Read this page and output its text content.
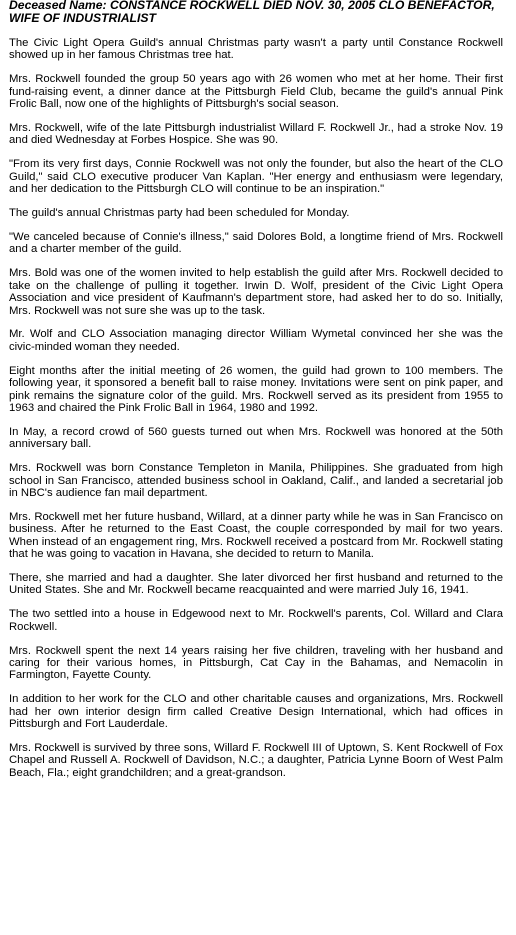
Deceased Name: CONSTANCE ROCKWELL DIED NOV. 30, 2005 CLO BENEFACTOR, WIFE OF INDUSTRIALIST

The Civic Light Opera Guild's annual Christmas party wasn't a party until Constance Rockwell showed up in her famous Christmas tree hat.

Mrs. Rockwell founded the group 50 years ago with 26 women who met at her home. Their first fund-raising event, a dinner dance at the Pittsburgh Field Club, became the guild's annual Pink Frolic Ball, now one of the highlights of Pittsburgh's social season.

Mrs. Rockwell, wife of the late Pittsburgh industrialist Willard F. Rockwell Jr., had a stroke Nov. 19 and died Wednesday at Forbes Hospice. She was 90.

"From its very first days, Connie Rockwell was not only the founder, but also the heart of the CLO Guild," said CLO executive producer Van Kaplan. "Her energy and enthusiasm were legendary, and her dedication to the Pittsburgh CLO will continue to be an inspiration."

The guild's annual Christmas party had been scheduled for Monday.

"We canceled because of Connie's illness," said Dolores Bold, a longtime friend of Mrs. Rockwell and a charter member of the guild.

Mrs. Bold was one of the women invited to help establish the guild after Mrs. Rockwell decided to take on the challenge of pulling it together. Irwin D. Wolf, president of the Civic Light Opera Association and vice president of Kaufmann's department store, had asked her to do so. Initially, Mrs. Rockwell was not sure she was up to the task.

Mr. Wolf and CLO Association managing director William Wymetal convinced her she was the civic-minded woman they needed.

Eight months after the initial meeting of 26 women, the guild had grown to 100 members. The following year, it sponsored a benefit ball to raise money. Invitations were sent on pink paper, and pink remains the signature color of the guild. Mrs. Rockwell served as its president from 1955 to 1963 and chaired the Pink Frolic Ball in 1964, 1980 and 1992.

In May, a record crowd of 560 guests turned out when Mrs. Rockwell was honored at the 50th anniversary ball.

Mrs. Rockwell was born Constance Templeton in Manila, Philippines. She graduated from high school in San Francisco, attended business school in Oakland, Calif., and landed a secretarial job in NBC's audience fan mail department.

Mrs. Rockwell met her future husband, Willard, at a dinner party while he was in San Francisco on business. After he returned to the East Coast, the couple corresponded by mail for two years. When instead of an engagement ring, Mrs. Rockwell received a postcard from Mr. Rockwell stating that he was going to vacation in Havana, she decided to return to Manila.

There, she married and had a daughter. She later divorced her first husband and returned to the United States. She and Mr. Rockwell became reacquainted and were married July 16, 1941.

The two settled into a house in Edgewood next to Mr. Rockwell's parents, Col. Willard and Clara Rockwell.

Mrs. Rockwell spent the next 14 years raising her five children, traveling with her husband and caring for their various homes, in Pittsburgh, Cat Cay in the Bahamas, and Nemacolin in Farmington, Fayette County.

In addition to her work for the CLO and other charitable causes and organizations, Mrs. Rockwell had her own interior design firm called Creative Design International, which had offices in Pittsburgh and Fort Lauderdale.

Mrs. Rockwell is survived by three sons, Willard F. Rockwell III of Uptown, S. Kent Rockwell of Fox Chapel and Russell A. Rockwell of Davidson, N.C.; a daughter, Patricia Lynne Boorn of West Palm Beach, Fla.; eight grandchildren; and a great-grandson.
